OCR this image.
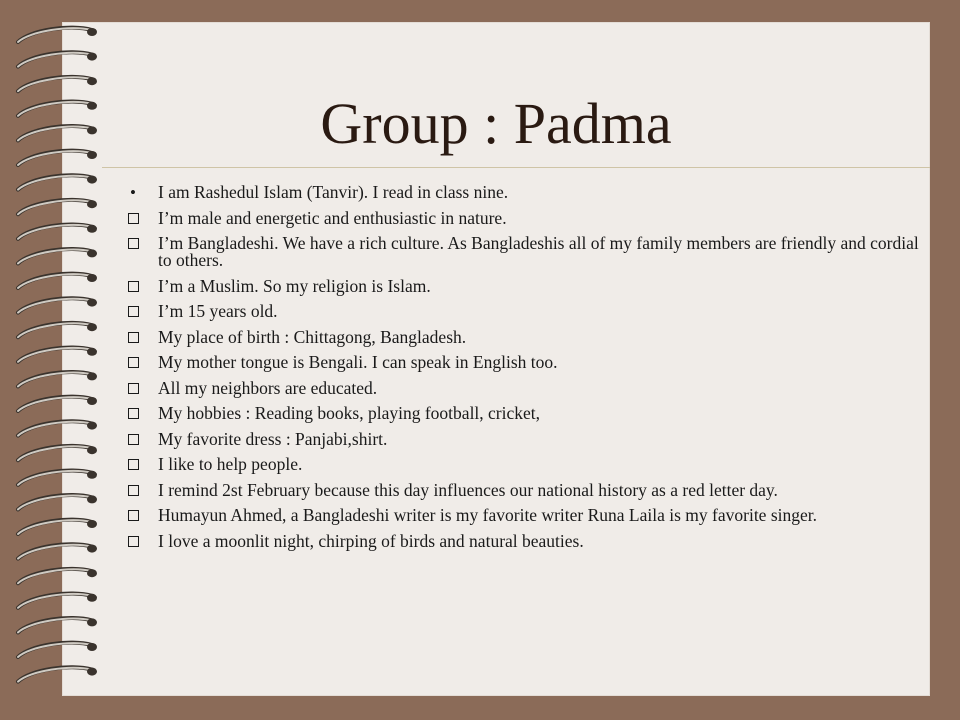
Group : Padma
• I am Rashedul Islam (Tanvir). I read in class nine.
I’m male and energetic and enthusiastic in nature.
I’m Bangladeshi. We have a rich culture. As Bangladeshis all of my family members are friendly and cordial to others.
I’m a Muslim. So my religion is Islam.
I’m 15 years old.
My place of birth : Chittagong, Bangladesh.
My mother tongue is Bengali. I can speak in English too.
All my neighbors are educated.
My hobbies : Reading books, playing football, cricket,
My favorite dress : Panjabi,shirt.
I like to help people.
I remind 2st February because this day influences our national history as a red letter day.
Humayun Ahmed, a Bangladeshi writer is my favorite writer Runa Laila is my favorite singer.
I love a moonlit night, chirping of birds and natural beauties.
